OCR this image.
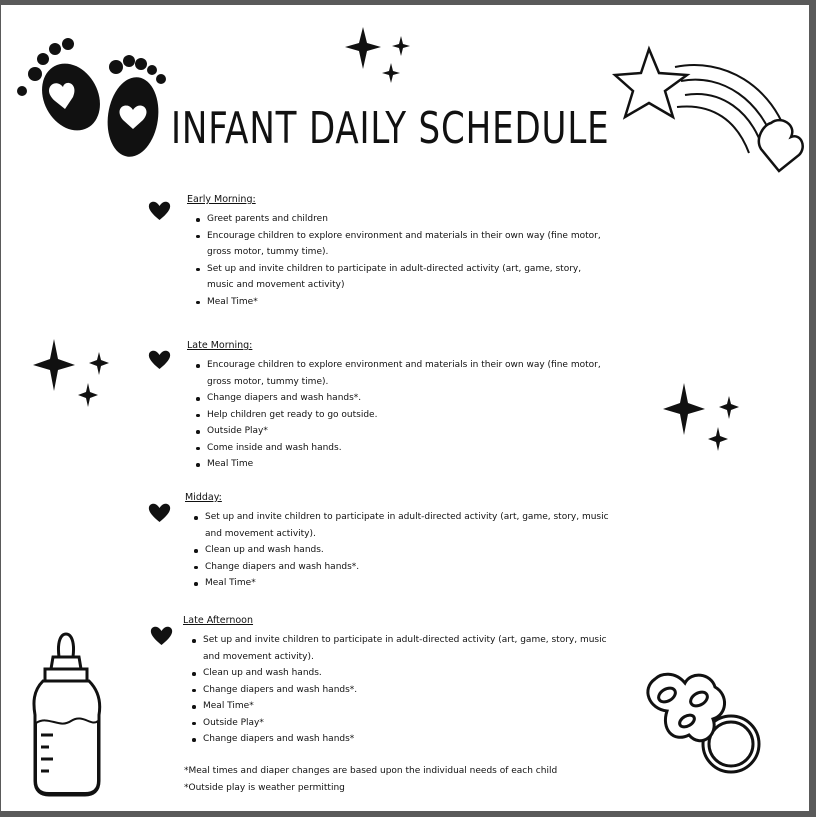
INFANT DAILY SCHEDULE
Early Morning:
Greet parents and children
Encourage children to explore environment and materials in their own way (fine motor,
gross motor, tummy time).
Set up and invite children to participate in adult-directed activity (art, game, story,
music and movement activity)
Meal Time*
Late Morning:
Encourage children to explore environment and materials in their own way (fine motor,
gross motor, tummy time).
Change diapers and wash hands*.
Help children get ready to go outside.
Outside Play*
Come inside and wash hands.
Meal Time
Midday:
Set up and invite children to participate in adult-directed activity (art, game, story, music
and movement activity).
Clean up and wash hands.
Change diapers and wash hands*.
Meal Time*
Late Afternoon
Set up and invite children to participate in adult-directed activity (art, game, story, music
and movement activity).
Clean up and wash hands.
Change diapers and wash hands*.
Meal Time*
Outside Play*
Change diapers and wash hands*
*Meal times and diaper changes are based upon the individual needs of each child
*Outside play is weather permitting
